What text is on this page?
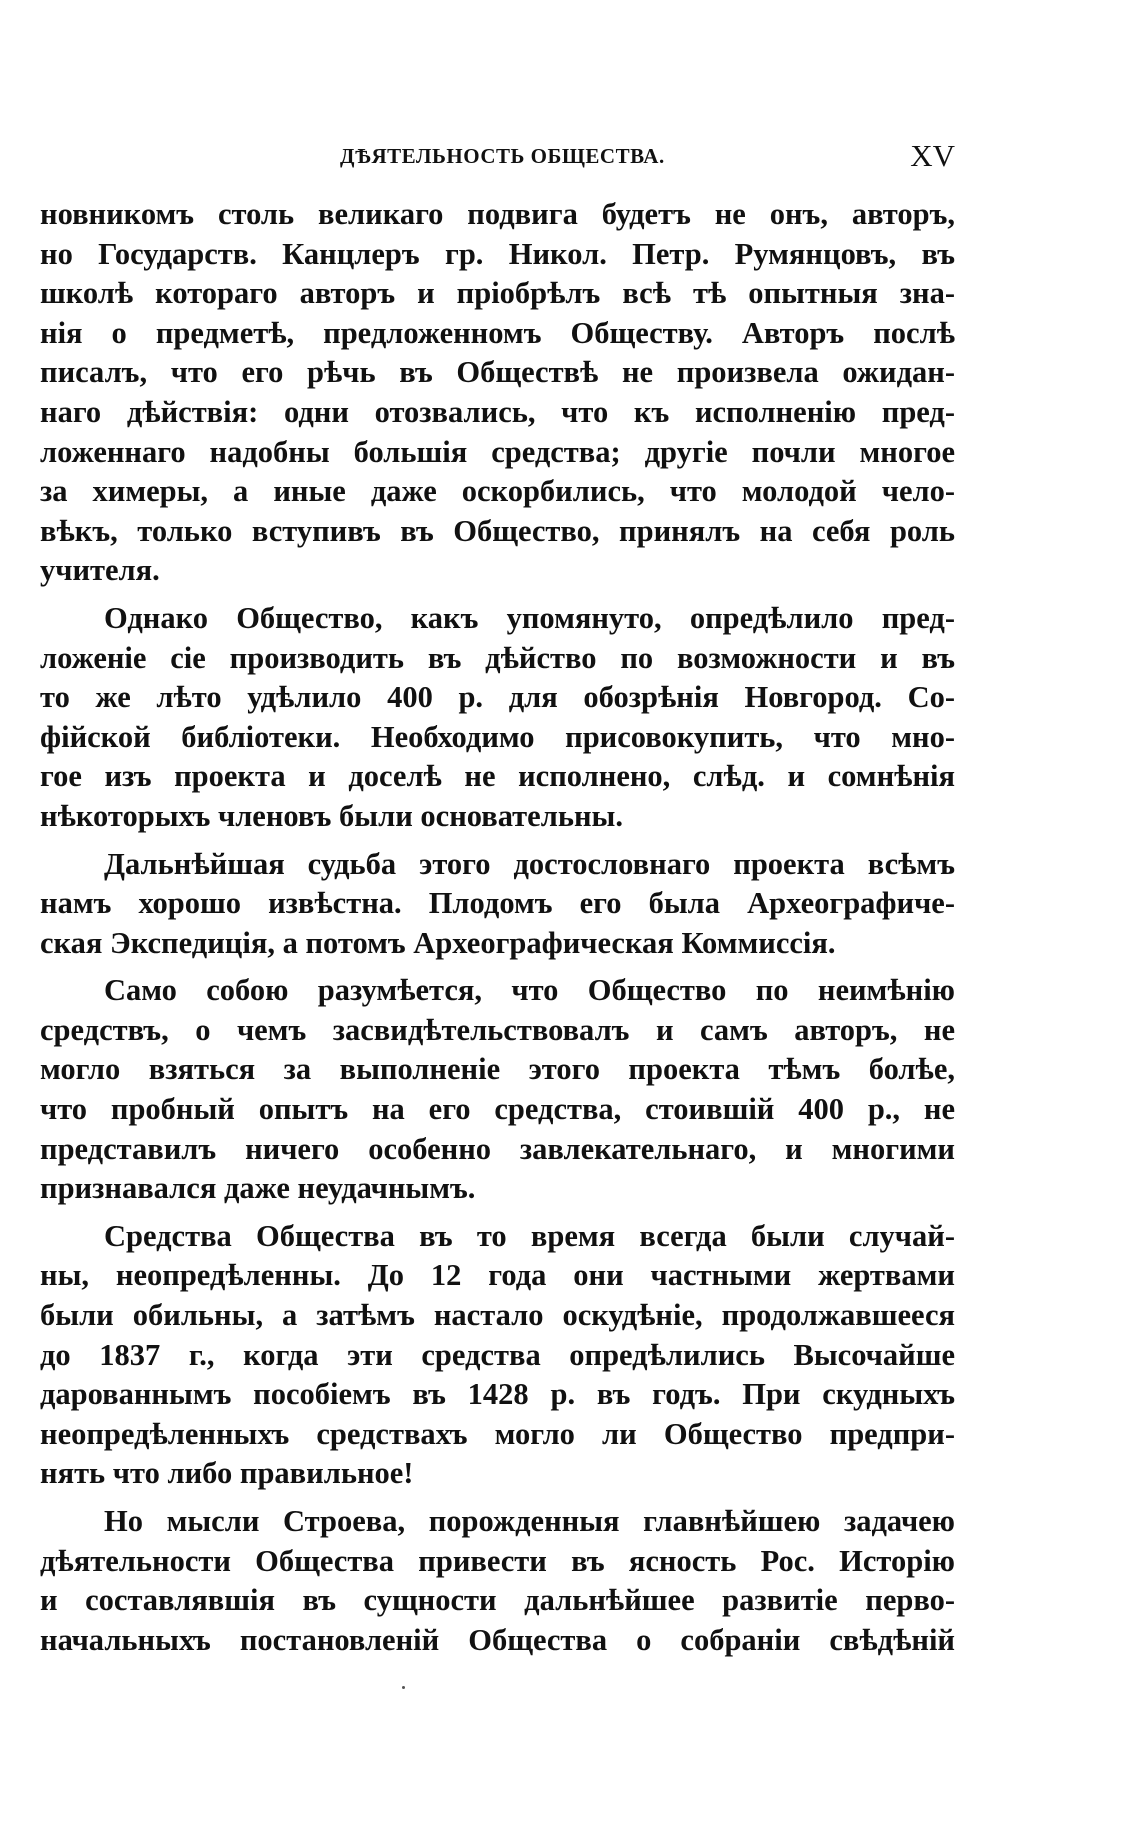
ДѢЯТЕЛЬНОСТЬ ОБЩЕСТВА.	XV
новникомъ столь великаго подвига будетъ не онъ, авторъ,
но Государств. Канцлеръ гр. Никол. Петр. Румянцовъ, въ
школѣ котораго авторъ и пріобрѣлъ всѣ тѣ опытныя зна-
нія о предметѣ, предложенномъ Обществу. Авторъ послѣ
писалъ, что его рѣчь въ Обществѣ не произвела ожидан-
наго дѣйствія: одни отозвались, что къ исполненію пред-
ложеннаго надобны большія средства; другіе почли многое
за химеры, а иные даже оскорбились, что молодой чело-
вѣкъ, только вступивъ въ Общество, принялъ на себя роль
учителя.
Однако Общество, какъ упомянуто, опредѣлило пред-
ложеніе сіе производить въ дѣйство по возможности и въ
то же лѣто удѣлило 400 р. для обозрѣнія Новгород. Со-
фійской библіотеки. Необходимо присовокупить, что мно-
гое изъ проекта и доселѣ не исполнено, слѣд. и сомнѣнія
нѣкоторыхъ членовъ были основательны.
Дальнѣйшая судьба этого достословнаго проекта всѣмъ
намъ хорошо извѣстна. Плодомъ его была Археографиче-
ская Экспедиція, а потомъ Археографическая Коммиссія.
Само собою разумѣется, что Общество по неимѣнію
средствъ, о чемъ засвидѣтельствовалъ и самъ авторъ, не
могло взяться за выполненіе этого проекта тѣмъ болѣе,
что пробный опытъ на его средства, стоившій 400 р., не
представилъ ничего особенно завлекательнаго, и многими
признавался даже неудачнымъ.
Средства Общества въ то время всегда были случай-
ны, неопредѣленны. До 12 года они частными жертвами
были обильны, а затѣмъ настало оскудѣніе, продолжавшееся
до 1837 г., когда эти средства опредѣлились Высочайше
дарованнымъ пособіемъ въ 1428 р. въ годъ. При скудныхъ
неопредѣленныхъ средствахъ могло ли Общество предпри-
нять что либо правильное!
Но мысли Строева, порожденныя главнѣйшею задачею
дѣятельности Общества привести въ ясность Рос. Исторію
и составлявшія въ сущности дальнѣйшее развитіе перво-
начальныхъ постановленій Общества о собраніи свѣдѣній
